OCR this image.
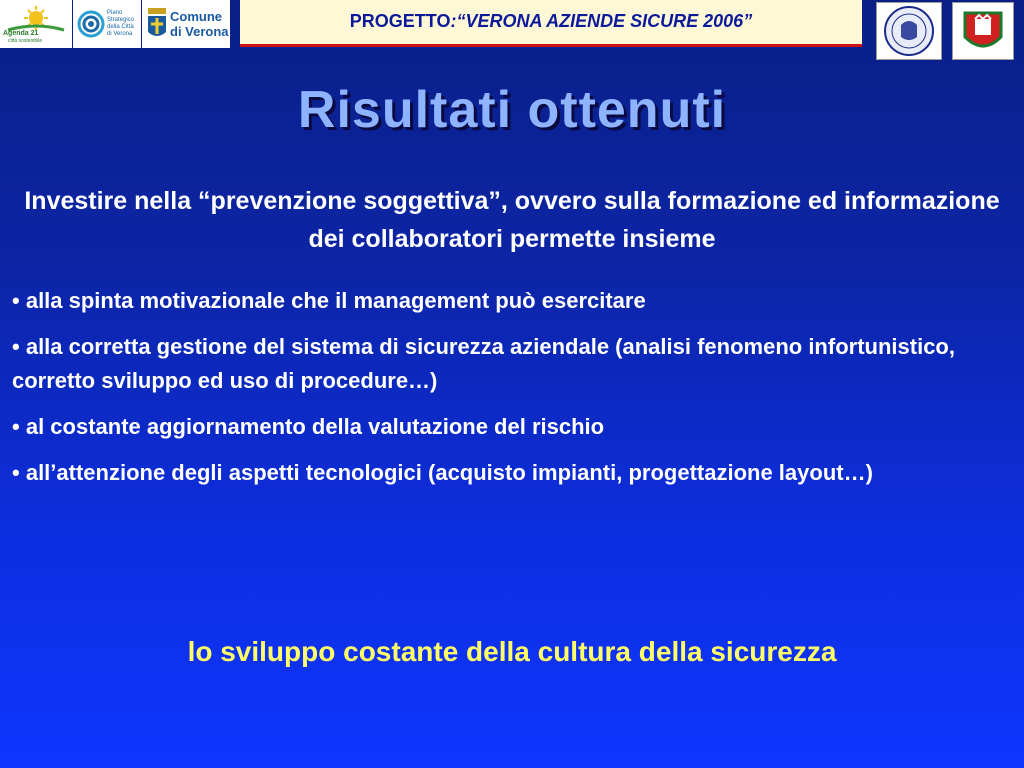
Agenda 21
città sostenibile
Piano Strategico della Città di Verona
Comune
di Verona
PROGETTO:“VERONA AZIENDE SICURE 2006”
Risultati ottenuti
Investire nella “prevenzione soggettiva”, ovvero sulla formazione ed informazione dei collaboratori permette insieme
• alla spinta motivazionale che il management può esercitare
• alla corretta gestione del sistema di sicurezza aziendale (analisi fenomeno infortunistico, corretto sviluppo ed uso di procedure…)
• al costante aggiornamento della valutazione del rischio
• all’attenzione degli aspetti tecnologici (acquisto impianti, progettazione layout…)
lo sviluppo costante della cultura della sicurezza
